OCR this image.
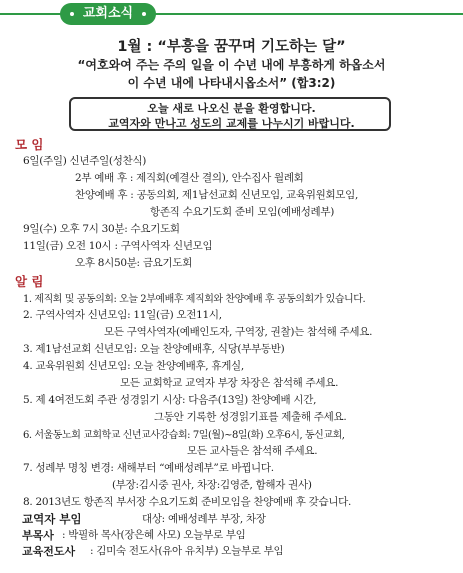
교회소식
1월 : “부흥을 꿈꾸며 기도하는 달”
“여호와여 주는 주의 일을 이 수년 내에 부흥하게 하옵소서
이 수년 내에 나타내시옵소서” (합3:2)
오늘 새로 나오신 분을 환영합니다.
교역자와 만나고 성도의 교제를 나누시기 바랍니다.
모 임
6일(주일) 신년주일(성찬식)
2부 예배 후 : 제직회(예결산 결의), 안수집사 월례회
찬양예배 후 : 공동의회, 제1남선교회 신년모임, 교육위원회모임,
항존직 수요기도회 준비 모임(예배성례부)
9일(수) 오후 7시 30분: 수요기도회
11일(금) 오전 10시 : 구역사역자 신년모임
오후 8시50분: 금요기도회
알 림
1. 제직회 및 공동의회: 오늘 2부예배후 제직회와 찬양예배 후 공동의회가 있습니다.
2. 구역사역자 신년모임: 11일(금) 오전11시,
모든 구역사역자(예배인도자, 구역장, 권찰)는 참석해 주세요.
3. 제1남선교회 신년모임: 오늘 찬양예배후, 식당(부부동반)
4. 교육위원회 신년모임: 오늘 찬양예배후, 휴게실,
모든 교회학교 교역자 부장 차장은 참석해 주세요.
5. 제 4여전도회 주관 성경읽기 시상: 다음주(13일) 찬양예배 시간,
그동안 기록한 성경읽기표를 제출해 주세요.
6. 서울동노회 교회학교 신년교사강습회: 7일(월)~8일(화) 오후6시, 동신교회,
모든 교사들은 참석해 주세요.
7. 성례부 명칭 변경: 새해부터 “예배성례부”로 바뀝니다.
(부장:김시중 권사, 차장:김영준, 함해자 권사)
8. 2013년도 항존직 부서장 수요기도회 준비모임을 찬양예배 후 갖습니다.
대상: 예배성례부 부장, 차장
교역자 부임
부목사 : 박필하 목사(장은혜 사모) 오늘부로 부임
교육전도사 : 김미숙 전도사(유아 유치부) 오늘부로 부임
